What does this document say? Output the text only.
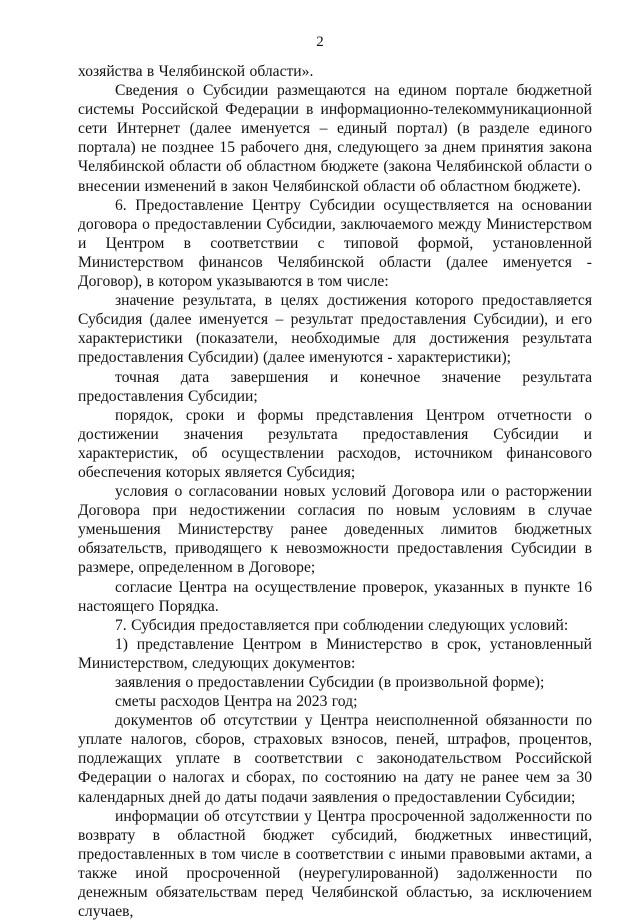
2

хозяйства в Челябинской области».

Сведения о Субсидии размещаются на едином портале бюджетной системы Российской Федерации в информационно-телекоммуникационной сети Интернет (далее именуется – единый портал) (в разделе единого портала) не позднее 15 рабочего дня, следующего за днем принятия закона Челябинской области об областном бюджете (закона Челябинской области о внесении изменений в закон Челябинской области об областном бюджете).

6. Предоставление Центру Субсидии осуществляется на основании договора о предоставлении Субсидии, заключаемого между Министерством и Центром в соответствии с типовой формой, установленной Министерством финансов Челябинской области (далее именуется - Договор), в котором указываются в том числе:

значение результата, в целях достижения которого предоставляется Субсидия (далее именуется – результат предоставления Субсидии), и его характеристики (показатели, необходимые для достижения результата предоставления Субсидии) (далее именуются - характеристики);

точная дата завершения и конечное значение результата предоставления Субсидии;

порядок, сроки и формы представления Центром отчетности о достижении значения результата предоставления Субсидии и характеристик, об осуществлении расходов, источником финансового обеспечения которых является Субсидия;

условия о согласовании новых условий Договора или о расторжении Договора при недостижении согласия по новым условиям в случае уменьшения Министерству ранее доведенных лимитов бюджетных обязательств, приводящего к невозможности предоставления Субсидии в размере, определенном в Договоре;

согласие Центра на осуществление проверок, указанных в пункте 16 настоящего Порядка.

7. Субсидия предоставляется при соблюдении следующих условий:

1) представление Центром в Министерство в срок, установленный Министерством, следующих документов:

заявления о предоставлении Субсидии (в произвольной форме);

сметы расходов Центра на 2023 год;

документов об отсутствии у Центра неисполненной обязанности по уплате налогов, сборов, страховых взносов, пеней, штрафов, процентов, подлежащих уплате в соответствии с законодательством Российской Федерации о налогах и сборах, по состоянию на дату не ранее чем за 30 календарных дней до даты подачи заявления о предоставлении Субсидии;

информации об отсутствии у Центра просроченной задолженности по возврату в областной бюджет субсидий, бюджетных инвестиций, предоставленных в том числе в соответствии с иными правовыми актами, а также иной просроченной (неурегулированной) задолженности по денежным обязательствам перед Челябинской областью, за исключением случаев,
